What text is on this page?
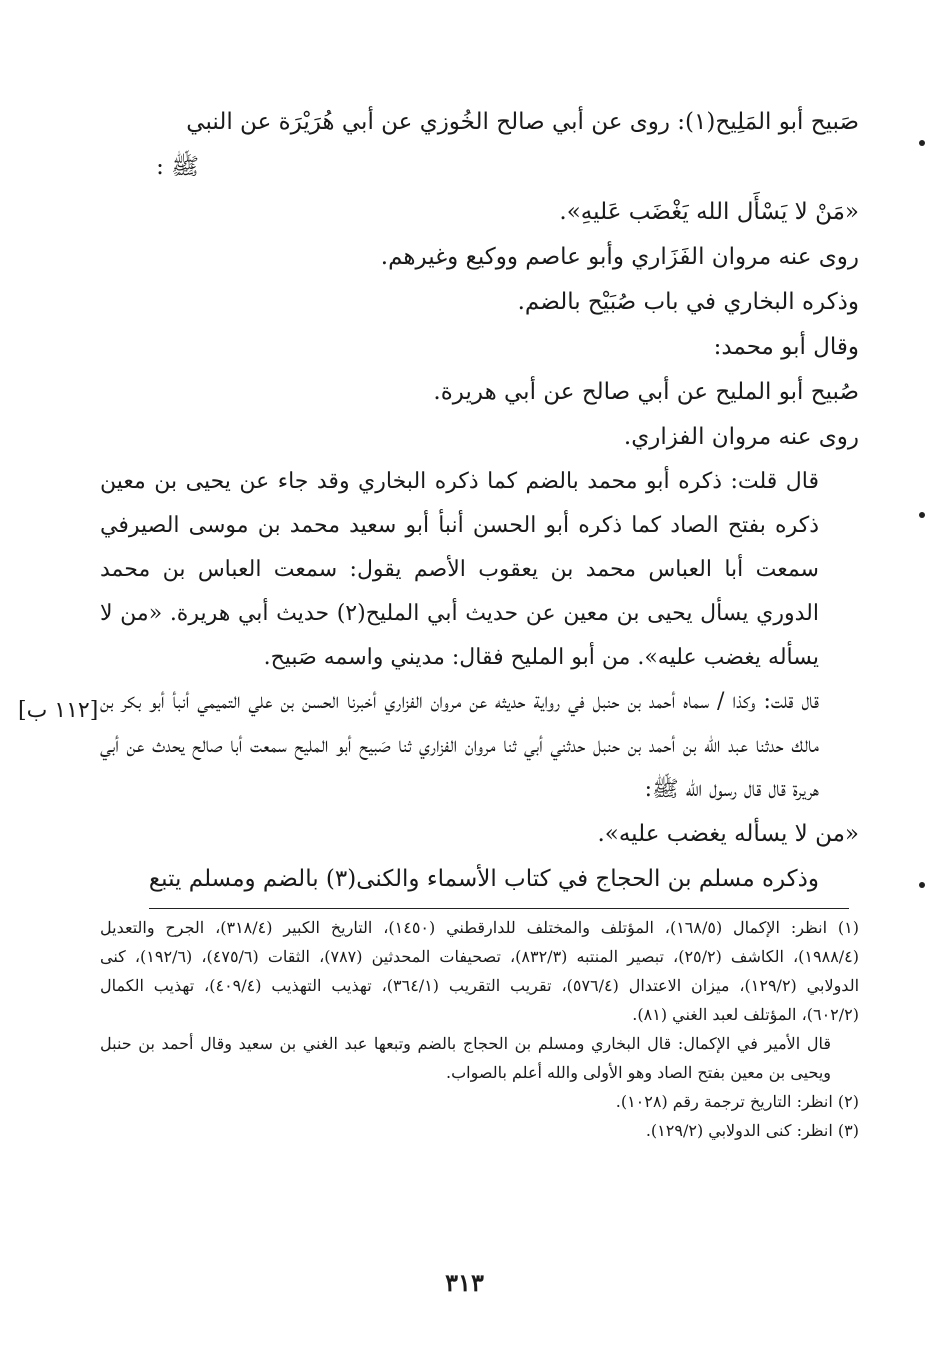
[١١٢ ب]
صَبيح أبو المَلِيح(١): روى عن أبي صالح الخُوزي عن أبي هُرَيْرَة عن النبي
ﷺ :
«مَنْ لا يَسْأَل الله يَغْضَب عَليهِ».
روى عنه مروان الفَزَاري وأبو عاصم ووكيع وغيرهم.
وذكره البخاري في باب صُبَيْح بالضم.
وقال أبو محمد:
صُبيح أبو المليح عن أبي صالح عن أبي هريرة.
روى عنه مروان الفزاري.
قال قلت: ذكره أبو محمد بالضم كما ذكره البخاري وقد جاء عن يحيى بن معين ذكره بفتح الصاد كما ذكره أبو الحسن أنبأ أبو سعيد محمد بن موسى الصيرفي سمعت أبا العباس محمد بن يعقوب الأصم يقول: سمعت العباس بن محمد الدوري يسأل يحيى بن معين عن حديث أبي المليح(٢) حديث أبي هريرة. «من لا يسأله يغضب عليه». من أبو المليح فقال: مديني واسمه صَبيح.
قال قلت: وكذا / سماه أحمد بن حنبل في رواية حديثه عن مروان الفزاري أخبرنا الحسن بن علي التميمي أنبأ أبو بكر بن مالك حدثنا عبد الله بن أحمد بن حنبل حدثني أبي ثنا مروان الفزاري ثنا صَبيح أبو المليح سمعت أبا صالح يحدث عن أبي هريرة قال قال رسول الله ﷺ:
«من لا يسأله يغضب عليه».
وذكره مسلم بن الحجاج في كتاب الأسماء والكنى(٣) بالضم ومسلم يتبع

(١) انظر: الإكمال (١٦٨/٥)، المؤتلف والمختلف للدارقطني (١٤٥٠)، التاريخ الكبير (٣١٨/٤)، الجرح والتعديل (١٩٨٨/٤)، الكاشف (٢٥/٢)، تبصير المنتبه (٨٣٢/٣)، تصحيفات المحدثين (٧٨٧)، الثقات (٤٧٥/٦)، (١٩٢/٦)، كنى الدولابي (١٢٩/٢)، ميزان الاعتدال (٥٧٦/٤)، تقريب التقريب (٣٦٤/١)، تهذيب التهذيب (٤٠٩/٤)، تهذيب الكمال (٦٠٢/٢)، المؤتلف لعبد الغني (٨١).

قال الأمير في الإكمال: قال البخاري ومسلم بن الحجاج بالضم وتبعها عبد الغني بن سعيد وقال أحمد بن حنبل ويحيى بن معين بفتح الصاد وهو الأولى والله أعلم بالصواب.

(٢) انظر: التاريخ ترجمة رقم (١٠٢٨).

(٣) انظر: كنى الدولابي (١٢٩/٢).

٣١٣
